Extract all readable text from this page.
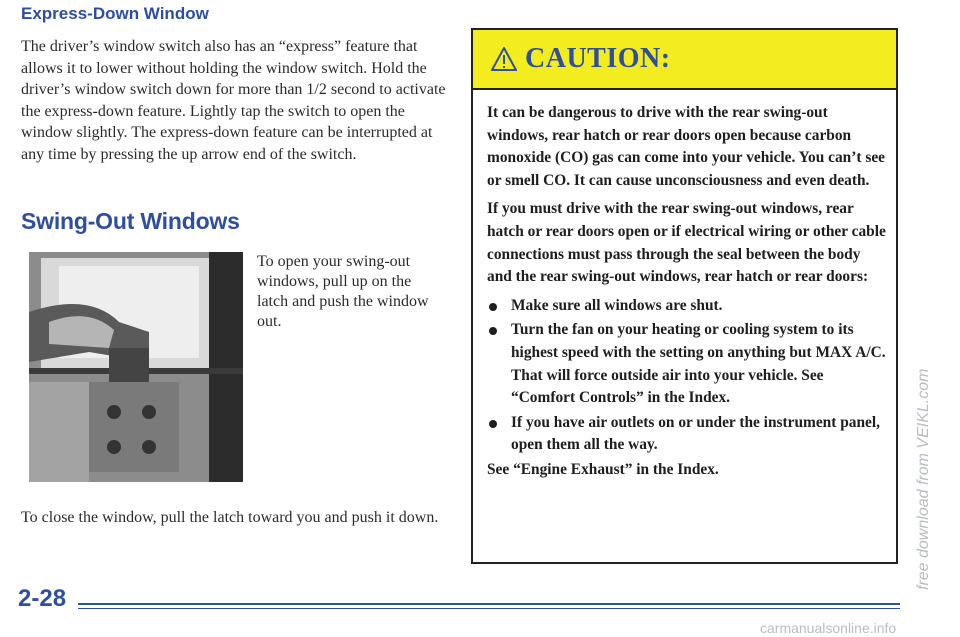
Express-Down Window

The driver’s window switch also has an “express” feature that allows it to lower without holding the window switch. Hold the driver’s window switch down for more than 1/2 second to activate the express-down feature. Lightly tap the switch to open the window slightly. The express-down feature can be interrupted at any time by pressing the up arrow end of the switch.

Swing-Out Windows

To open your swing-out windows, pull up on the latch and push the window out.

To close the window, pull the latch toward you and push it down.

CAUTION:

It can be dangerous to drive with the rear swing-out windows, rear hatch or rear doors open because carbon monoxide (CO) gas can come into your vehicle. You can’t see or smell CO. It can cause unconsciousness and even death.

If you must drive with the rear swing-out windows, rear hatch or rear doors open or if electrical wiring or other cable connections must pass through the seal between the body and the rear swing-out windows, rear hatch or rear doors:

Make sure all windows are shut.
Turn the fan on your heating or cooling system to its highest speed with the setting on anything but MAX A/C. That will force outside air into your vehicle. See “Comfort Controls” in the Index.
If you have air outlets on or under the instrument panel, open them all the way.

See “Engine Exhaust” in the Index.

2-28
free download from VEIKL.com
carmanualsonline.info
